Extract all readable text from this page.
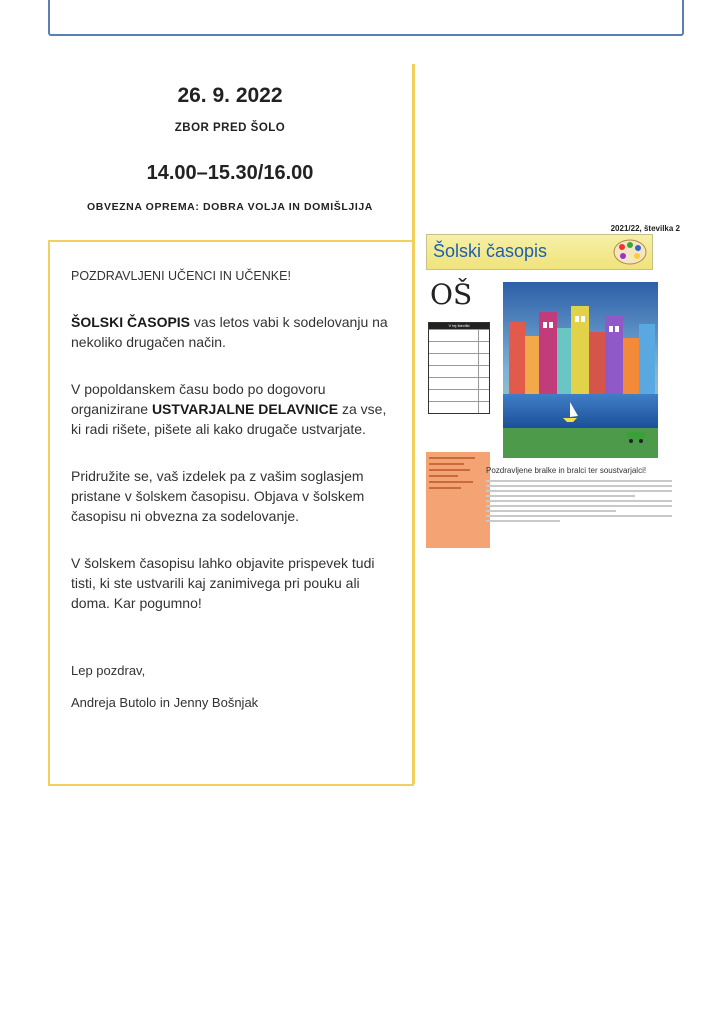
26. 9. 2022
ZBOR PRED ŠOLO
14.00–15.30/16.00
OBVEZNA OPREMA: DOBRA VOLJA IN DOMIŠLJIJA

POZDRAVLJENI UČENCI IN UČENKE!

ŠOLSKI ČASOPIS vas letos vabi k sodelovanju na nekoliko drugačen način.

V popoldanskem času bodo po dogovoru organizirane USTVARJALNE DELAVNICE za vse, ki radi rišete, pišete ali kako drugače ustvarjate.

Pridružite se, vaš izdelek pa z vašim soglasjem pristane v šolskem časopisu. Objava v šolskem časopisu ni obvezna za sodelovanje.

V šolskem časopisu lahko objavite prispevek tudi tisti, ki ste ustvarili kaj zanimivega pri pouku ali doma. Kar pogumno!

Lep pozdrav,

Andreja Butolo in Jenny Bošnjak

2021/22, številka 2
Šolski časopis
OŠ
V tej številki
Pozdravljene bralke in bralci ter soustvarjalci!
